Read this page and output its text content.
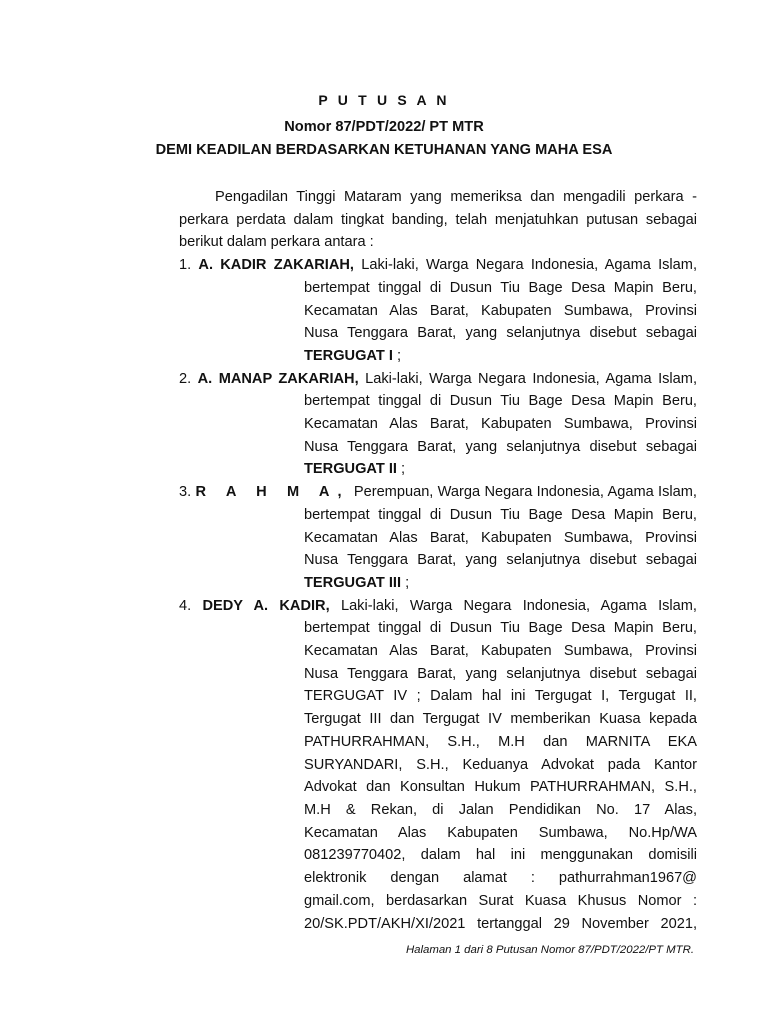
P U T U S A N
Nomor 87/PDT/2022/ PT MTR
DEMI KEADILAN BERDASARKAN KETUHANAN YANG MAHA ESA

Pengadilan Tinggi Mataram yang memeriksa dan mengadili perkara - perkara perdata dalam tingkat banding, telah menjatuhkan putusan sebagai berikut dalam perkara antara :

1. A. KADIR ZAKARIAH, Laki-laki, Warga Negara Indonesia, Agama Islam,
bertempat tinggal di Dusun Tiu Bage Desa Mapin Beru,
Kecamatan Alas Barat, Kabupaten Sumbawa, Provinsi
Nusa Tenggara Barat, yang selanjutnya disebut sebagai
TERGUGAT I ;
2. A. MANAP ZAKARIAH, Laki-laki, Warga Negara Indonesia, Agama Islam,
bertempat tinggal di Dusun Tiu Bage Desa Mapin Beru,
Kecamatan Alas Barat, Kabupaten Sumbawa, Provinsi
Nusa Tenggara Barat, yang selanjutnya disebut sebagai
TERGUGAT II ;
3. R A H M A, Perempuan, Warga Negara Indonesia, Agama Islam,
bertempat tinggal di Dusun Tiu Bage Desa Mapin Beru,
Kecamatan Alas Barat, Kabupaten Sumbawa, Provinsi
Nusa Tenggara Barat, yang selanjutnya disebut sebagai
TERGUGAT III ;
4. DEDY A. KADIR, Laki-laki, Warga Negara Indonesia, Agama Islam,
bertempat tinggal di Dusun Tiu Bage Desa Mapin Beru,
Kecamatan Alas Barat, Kabupaten Sumbawa, Provinsi
Nusa Tenggara Barat, yang selanjutnya disebut sebagai
TERGUGAT IV ; Dalam hal ini Tergugat I, Tergugat II,
Tergugat III dan Tergugat IV memberikan Kuasa kepada
PATHURRAHMAN, S.H., M.H dan MARNITA EKA
SURYANDARI, S.H., Keduanya Advokat pada Kantor
Advokat dan Konsultan Hukum PATHURRAHMAN, S.H.,
M.H & Rekan, di Jalan Pendidikan No. 17 Alas,
Kecamatan Alas Kabupaten Sumbawa, No.Hp/WA
081239770402, dalam hal ini menggunakan domisili
elektronik dengan alamat : pathurrahman1967@
gmail.com, berdasarkan Surat Kuasa Khusus Nomor :
20/SK.PDT/AKH/XI/2021 tertanggal 29 November 2021,
Halaman 1 dari 8 Putusan Nomor 87/PDT/2022/PT MTR.
